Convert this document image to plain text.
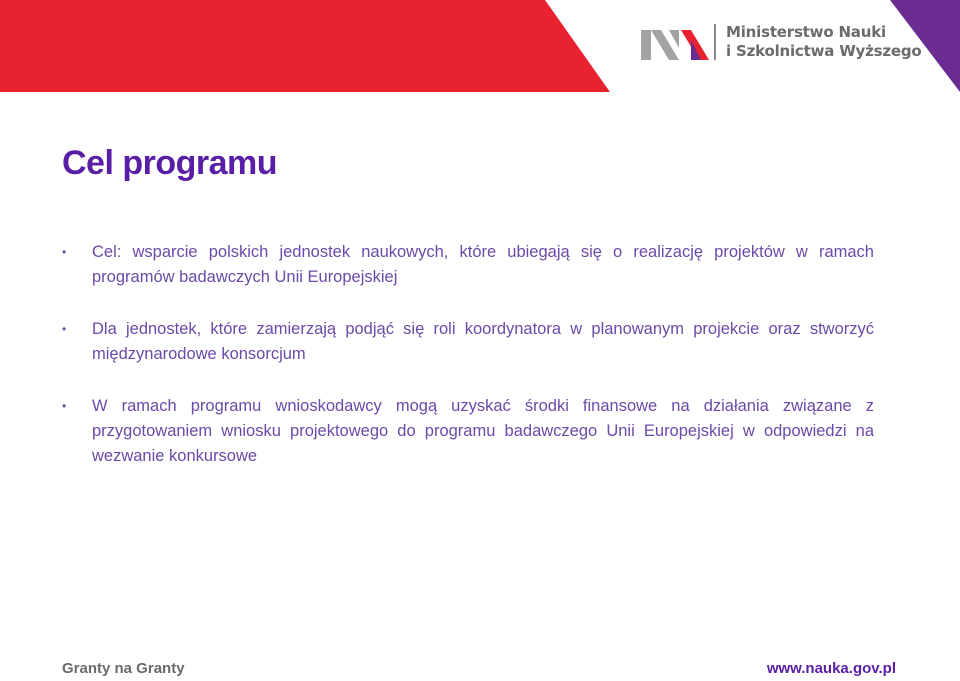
Ministerstwo Nauki
i Szkolnictwa Wyższego
Cel programu
• Cel: wsparcie polskich jednostek naukowych, które ubiegają się o realizację projektów w ramach programów badawczych Unii Europejskiej
• Dla jednostek, które zamierzają podjąć się roli koordynatora w planowanym projekcie oraz stworzyć międzynarodowe konsorcjum
• W ramach programu wnioskodawcy mogą uzyskać środki finansowe na działania związane z przygotowaniem wniosku projektowego do programu badawczego Unii Europejskiej w odpowiedzi na wezwanie konkursowe
Granty na Granty	www.nauka.gov.pl
